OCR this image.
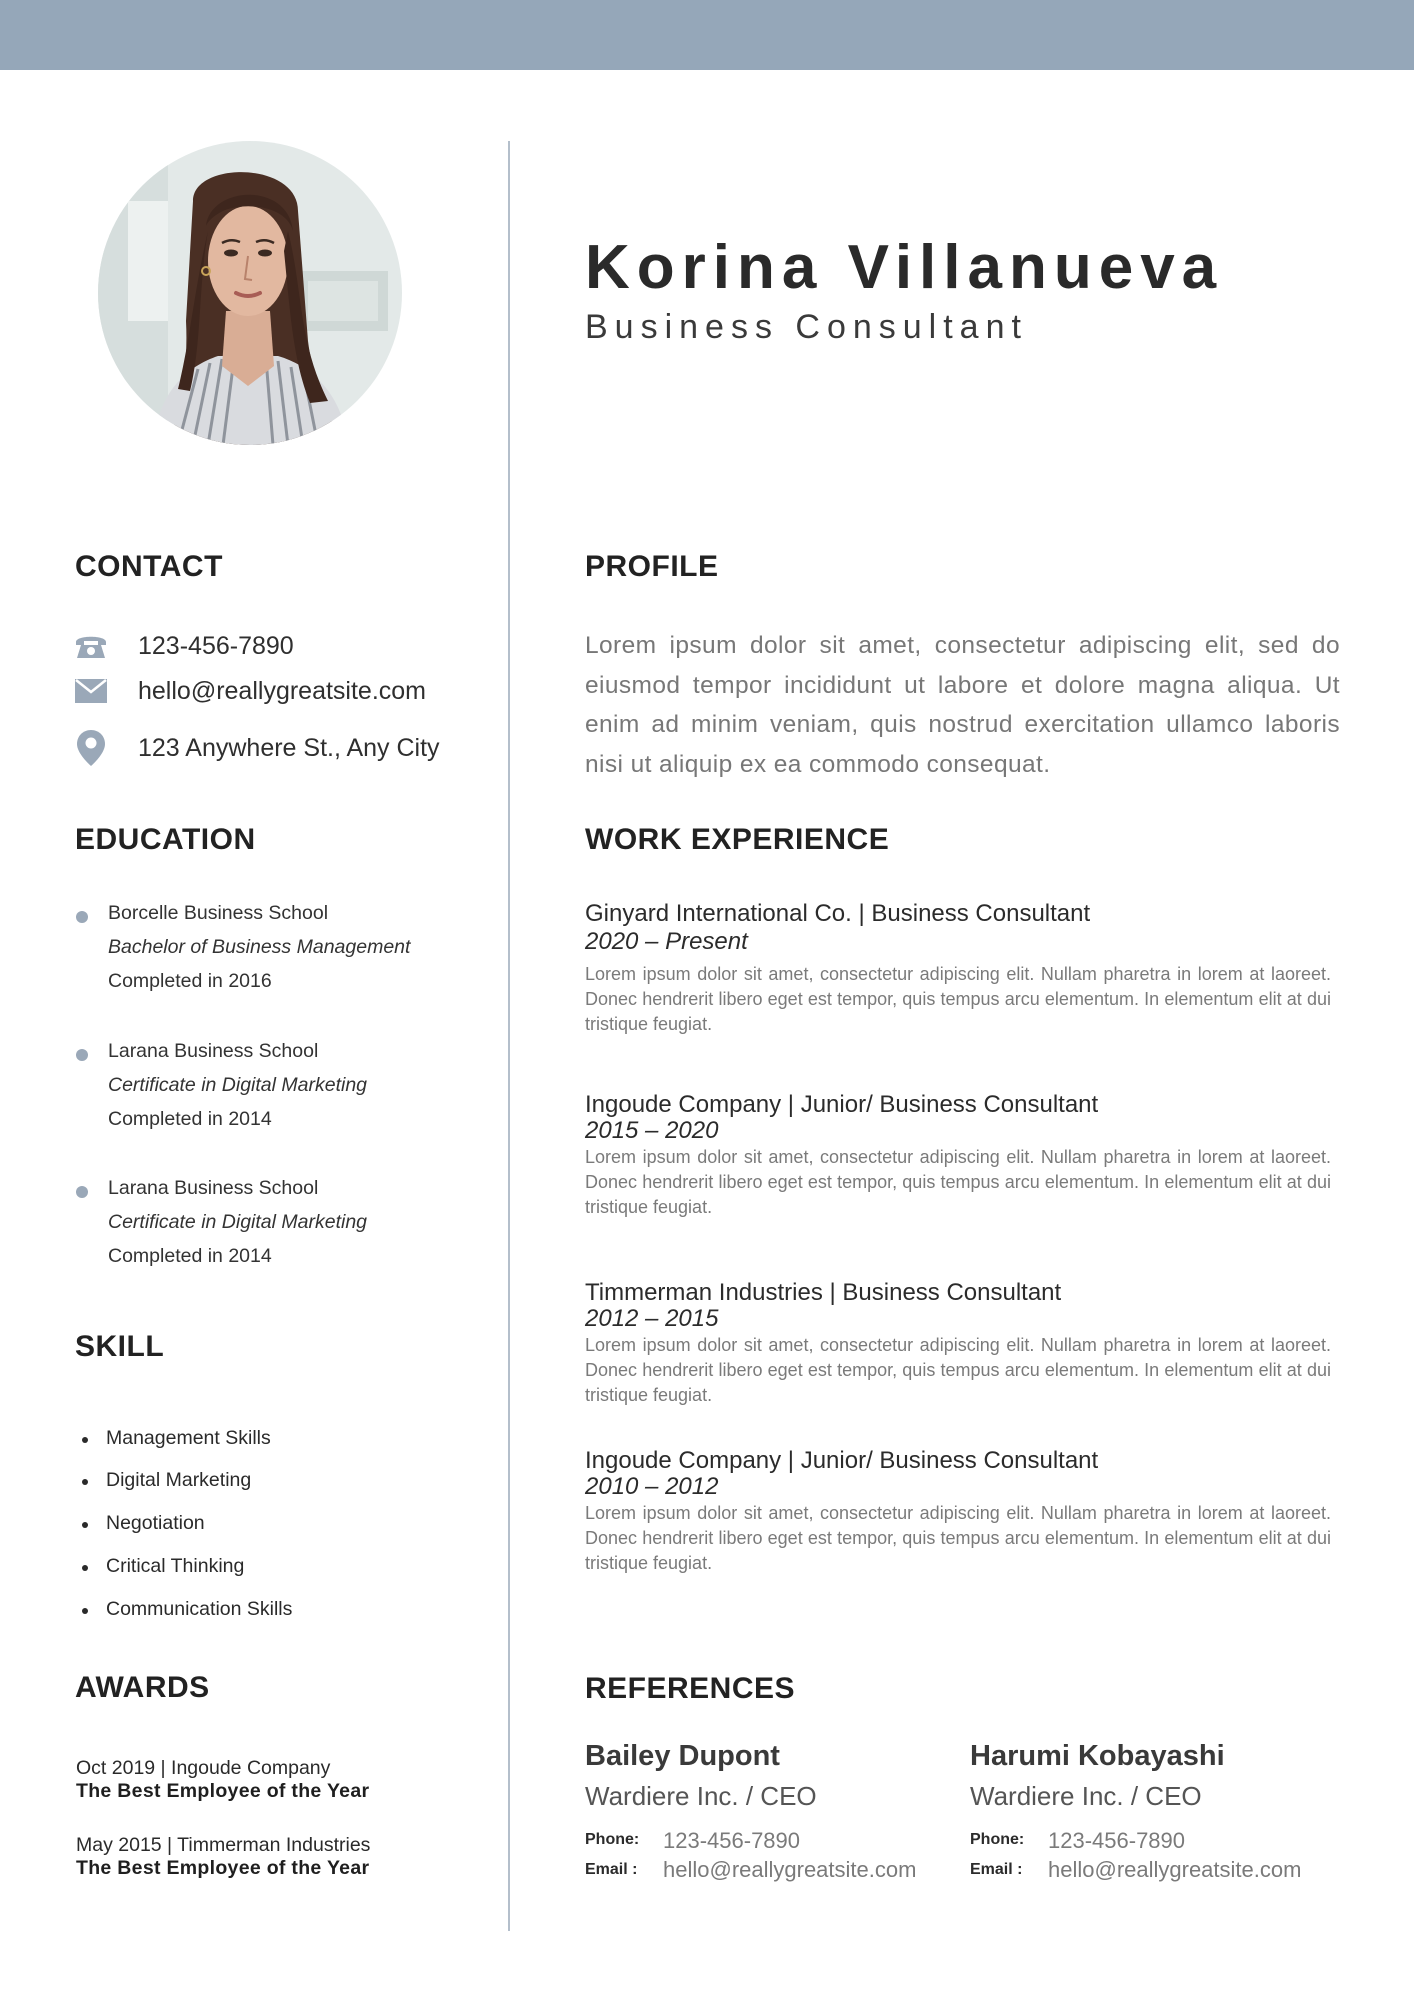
Korina Villanueva
Business Consultant
CONTACT
123-456-7890
hello@reallygreatsite.com
123 Anywhere St., Any City
EDUCATION
Borcelle Business School
Bachelor of Business Management
Completed in 2016
Larana Business School
Certificate in Digital Marketing
Completed in 2014
Larana Business School
Certificate in Digital Marketing
Completed in 2014
SKILL
Management Skills
Digital Marketing
Negotiation
Critical Thinking
Communication Skills
AWARDS
Oct 2019 | Ingoude Company
The Best Employee of the Year
May 2015 | Timmerman Industries
The Best Employee of the Year
PROFILE
Lorem ipsum dolor sit amet, consectetur adipiscing elit, sed do eiusmod tempor incididunt ut labore et dolore magna aliqua. Ut enim ad minim veniam, quis nostrud exercitation ullamco laboris nisi ut aliquip ex ea commodo consequat.
WORK EXPERIENCE
Ginyard International Co. | Business Consultant
2020 – Present
Lorem ipsum dolor sit amet, consectetur adipiscing elit. Nullam pharetra in lorem at laoreet. Donec hendrerit libero eget est tempor, quis tempus arcu elementum. In elementum elit at dui tristique feugiat.
Ingoude Company | Junior/ Business Consultant
2015 – 2020
Lorem ipsum dolor sit amet, consectetur adipiscing elit. Nullam pharetra in lorem at laoreet. Donec hendrerit libero eget est tempor, quis tempus arcu elementum. In elementum elit at dui tristique feugiat.
Timmerman Industries | Business Consultant
2012 – 2015
Lorem ipsum dolor sit amet, consectetur adipiscing elit. Nullam pharetra in lorem at laoreet. Donec hendrerit libero eget est tempor, quis tempus arcu elementum. In elementum elit at dui tristique feugiat.
Ingoude Company | Junior/ Business Consultant
2010 – 2012
Lorem ipsum dolor sit amet, consectetur adipiscing elit. Nullam pharetra in lorem at laoreet. Donec hendrerit libero eget est tempor, quis tempus arcu elementum. In elementum elit at dui tristique feugiat.
REFERENCES
Bailey Dupont
Wardiere Inc. / CEO
Phone: 123-456-7890
Email : hello@reallygreatsite.com
Harumi Kobayashi
Wardiere Inc. / CEO
Phone: 123-456-7890
Email : hello@reallygreatsite.com
